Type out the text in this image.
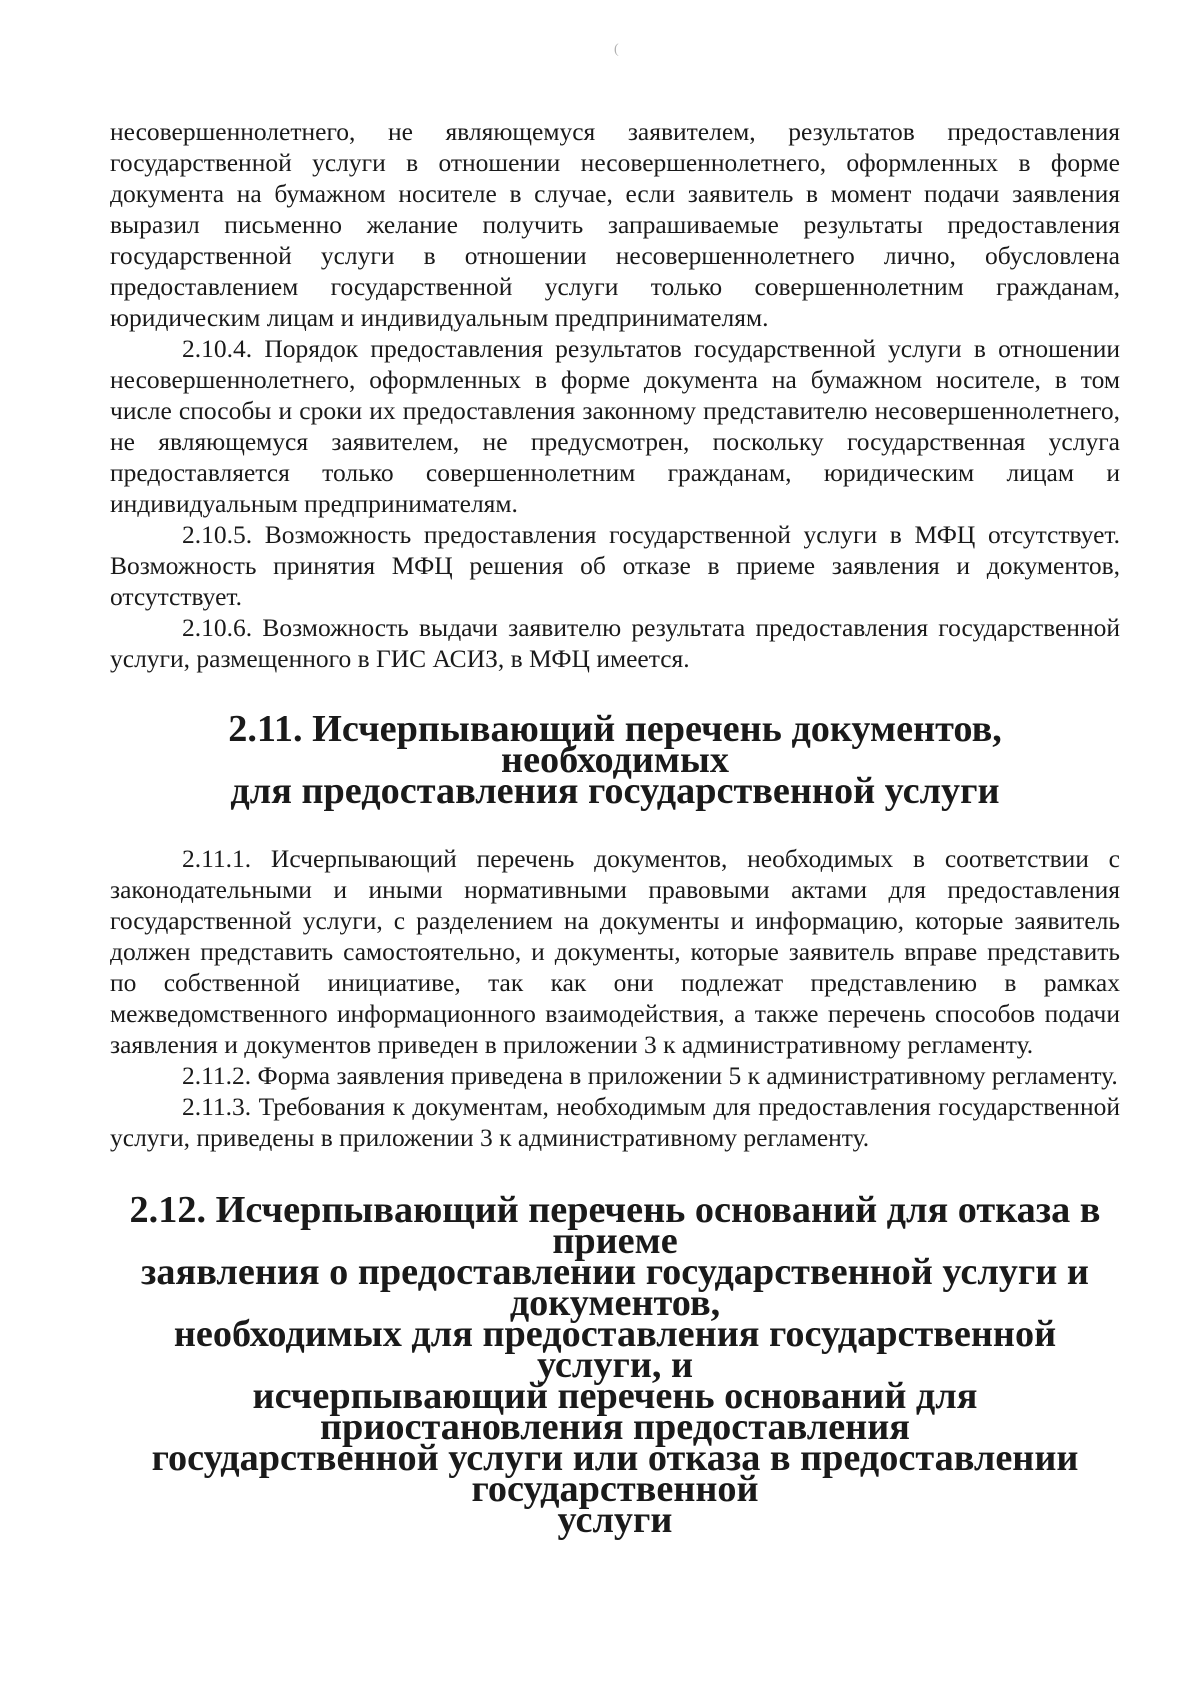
(

несовершеннолетнего, не являющемуся заявителем, результатов предоставления государственной услуги в отношении несовершеннолетнего, оформленных в форме документа на бумажном носителе в случае, если заявитель в момент подачи заявления выразил письменно желание получить запрашиваемые результаты предоставления государственной услуги в отношении несовершеннолетнего лично, обусловлена предоставлением государственной услуги только совершеннолетним гражданам, юридическим лицам и индивидуальным предпринимателям.

2.10.4. Порядок предоставления результатов государственной услуги в отношении несовершеннолетнего, оформленных в форме документа на бумажном носителе, в том числе способы и сроки их предоставления законному представителю несовершеннолетнего, не являющемуся заявителем, не предусмотрен, поскольку государственная услуга предоставляется только совершеннолетним гражданам, юридическим лицам и индивидуальным предпринимателям.

2.10.5. Возможность предоставления государственной услуги в МФЦ отсутствует. Возможность принятия МФЦ решения об отказе в приеме заявления и документов, отсутствует.

2.10.6. Возможность выдачи заявителю результата предоставления государственной услуги, размещенного в ГИС АСИЗ, в МФЦ имеется.

2.11. Исчерпывающий перечень документов, необходимых
для предоставления государственной услуги

2.11.1. Исчерпывающий перечень документов, необходимых в соответствии с законодательными и иными нормативными правовыми актами для предоставления государственной услуги, с разделением на документы и информацию, которые заявитель должен представить самостоятельно, и документы, которые заявитель вправе представить по собственной инициативе, так как они подлежат представлению в рамках межведомственного информационного взаимодействия, а также перечень способов подачи заявления и документов приведен в приложении 3 к административному регламенту.

2.11.2. Форма заявления приведена в приложении 5 к административному регламенту.

2.11.3. Требования к документам, необходимым для предоставления государственной услуги, приведены в приложении 3 к административному регламенту.

2.12. Исчерпывающий перечень оснований для отказа в приеме
заявления о предоставлении государственной услуги и документов,
необходимых для предоставления государственной услуги, и
исчерпывающий перечень оснований для приостановления предоставления
государственной услуги или отказа в предоставлении государственной
услуги
